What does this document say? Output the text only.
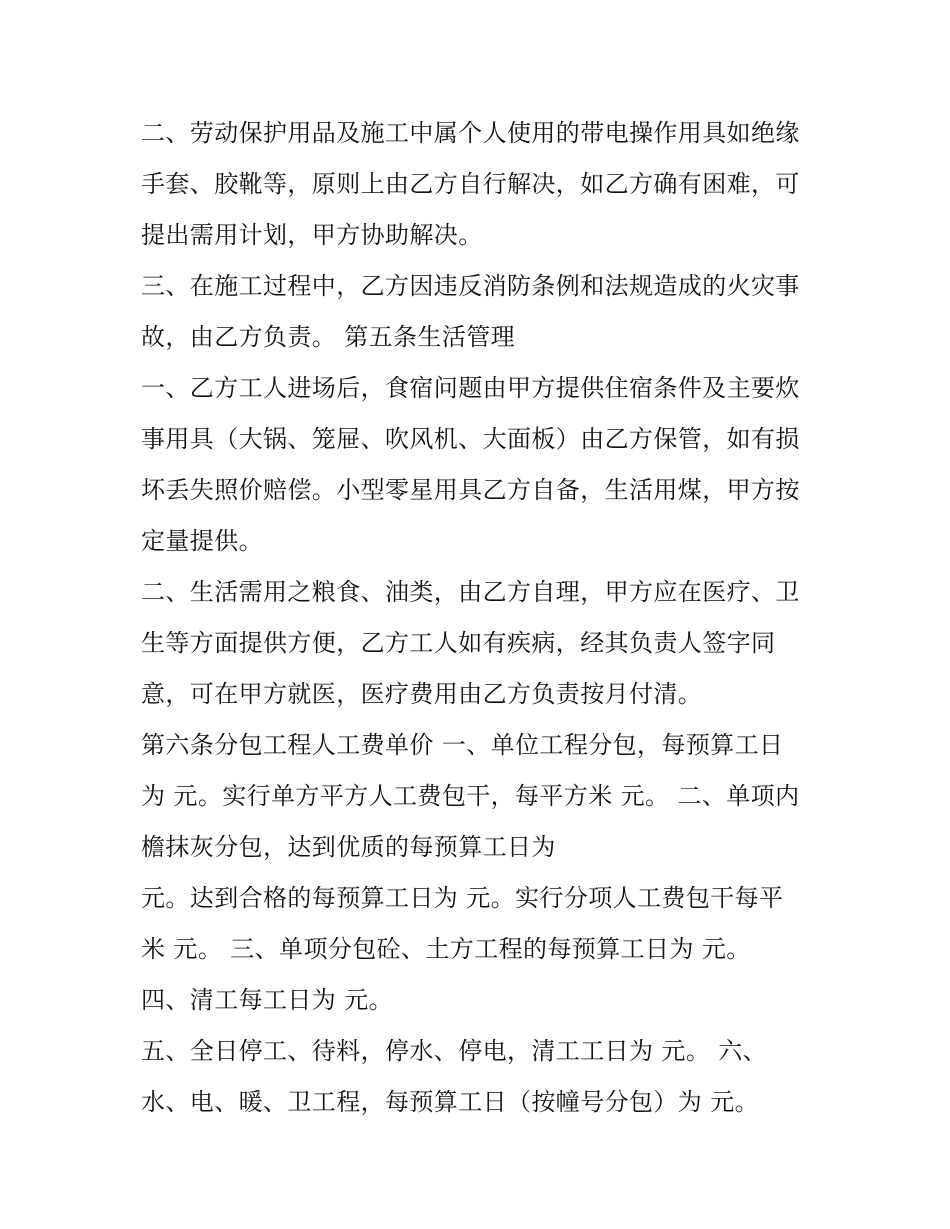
二、劳动保护用品及施工中属个人使用的带电操作用具如绝缘
手套、胶靴等，原则上由乙方自行解决，如乙方确有困难，可
提出需用计划，甲方协助解决。
三、在施工过程中，乙方因违反消防条例和法规造成的火灾事
故，由乙方负责。 第五条生活管理
一、乙方工人进场后，食宿问题由甲方提供住宿条件及主要炊
事用具（大锅、笼屉、吹风机、大面板）由乙方保管，如有损
坏丢失照价赔偿。小型零星用具乙方自备，生活用煤，甲方按
定量提供。
二、生活需用之粮食、油类，由乙方自理，甲方应在医疗、卫
生等方面提供方便，乙方工人如有疾病，经其负责人签字同
意，可在甲方就医，医疗费用由乙方负责按月付清。
第六条分包工程人工费单价 一、单位工程分包，每预算工日
为 元。实行单方平方人工费包干，每平方米 元。 二、单项内
檐抹灰分包，达到优质的每预算工日为
元。达到合格的每预算工日为 元。实行分项人工费包干每平
米 元。 三、单项分包砼、土方工程的每预算工日为 元。
四、清工每工日为 元。
五、全日停工、待料，停水、停电，清工工日为 元。 六、
水、电、暖、卫工程，每预算工日（按幢号分包）为 元。
